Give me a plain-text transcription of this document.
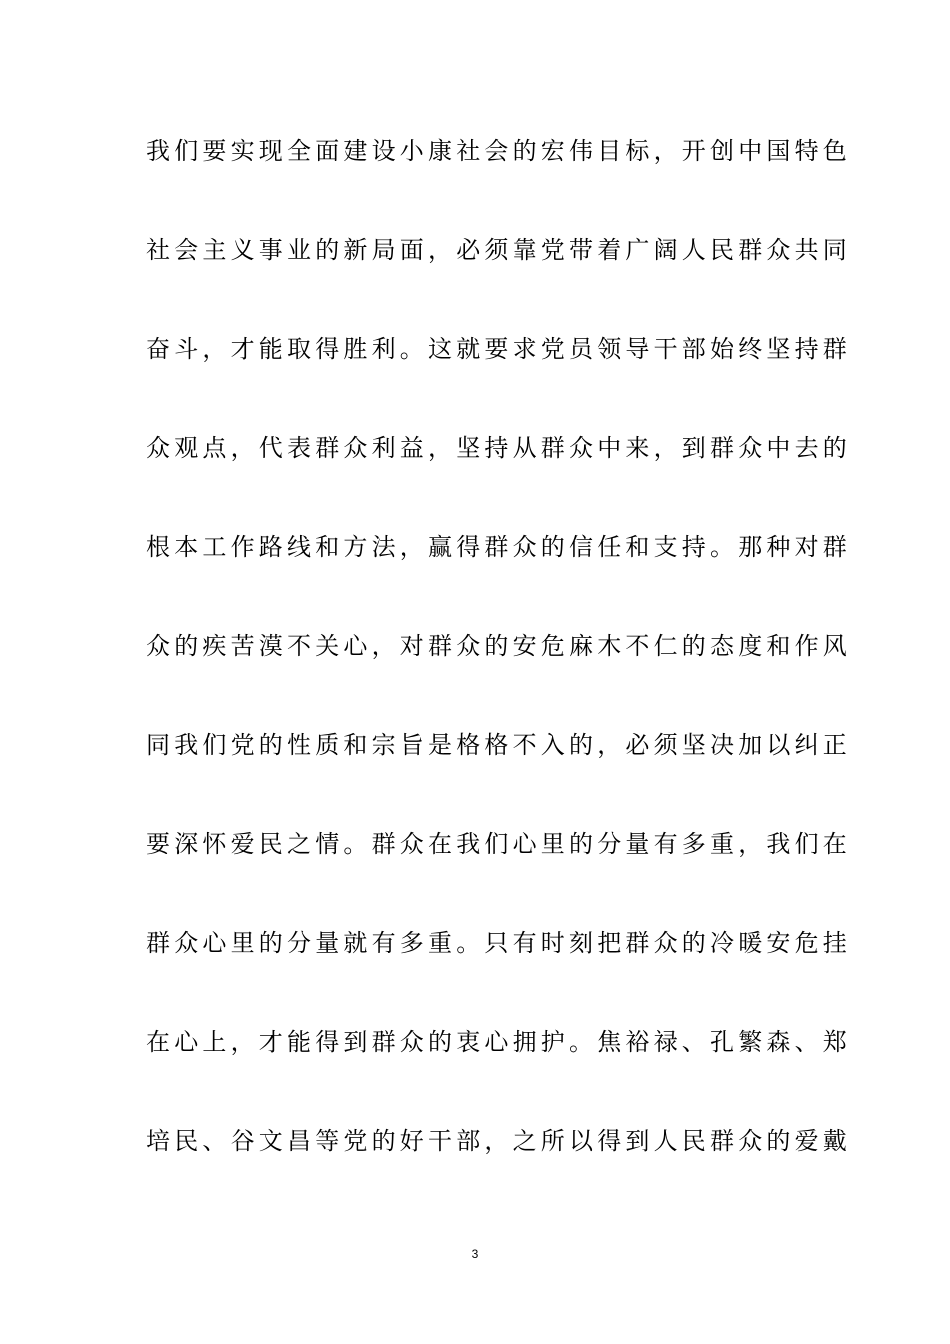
我们要实现全面建设小康社会的宏伟目标，开创中国特色
社会主义事业的新局面，必须靠党带着广阔人民群众共同
奋斗，才能取得胜利。这就要求党员领导干部始终坚持群
众观点，代表群众利益，坚持从群众中来，到群众中去的
根本工作路线和方法，赢得群众的信任和支持。那种对群
众的疾苦漠不关心，对群众的安危麻木不仁的态度和作风
同我们党的性质和宗旨是格格不入的，必须坚决加以纠正
要深怀爱民之情。群众在我们心里的分量有多重，我们在
群众心里的分量就有多重。只有时刻把群众的冷暖安危挂
在心上，才能得到群众的衷心拥护。焦裕禄、孔繁森、郑
培民、谷文昌等党的好干部，之所以得到人民群众的爱戴
3
